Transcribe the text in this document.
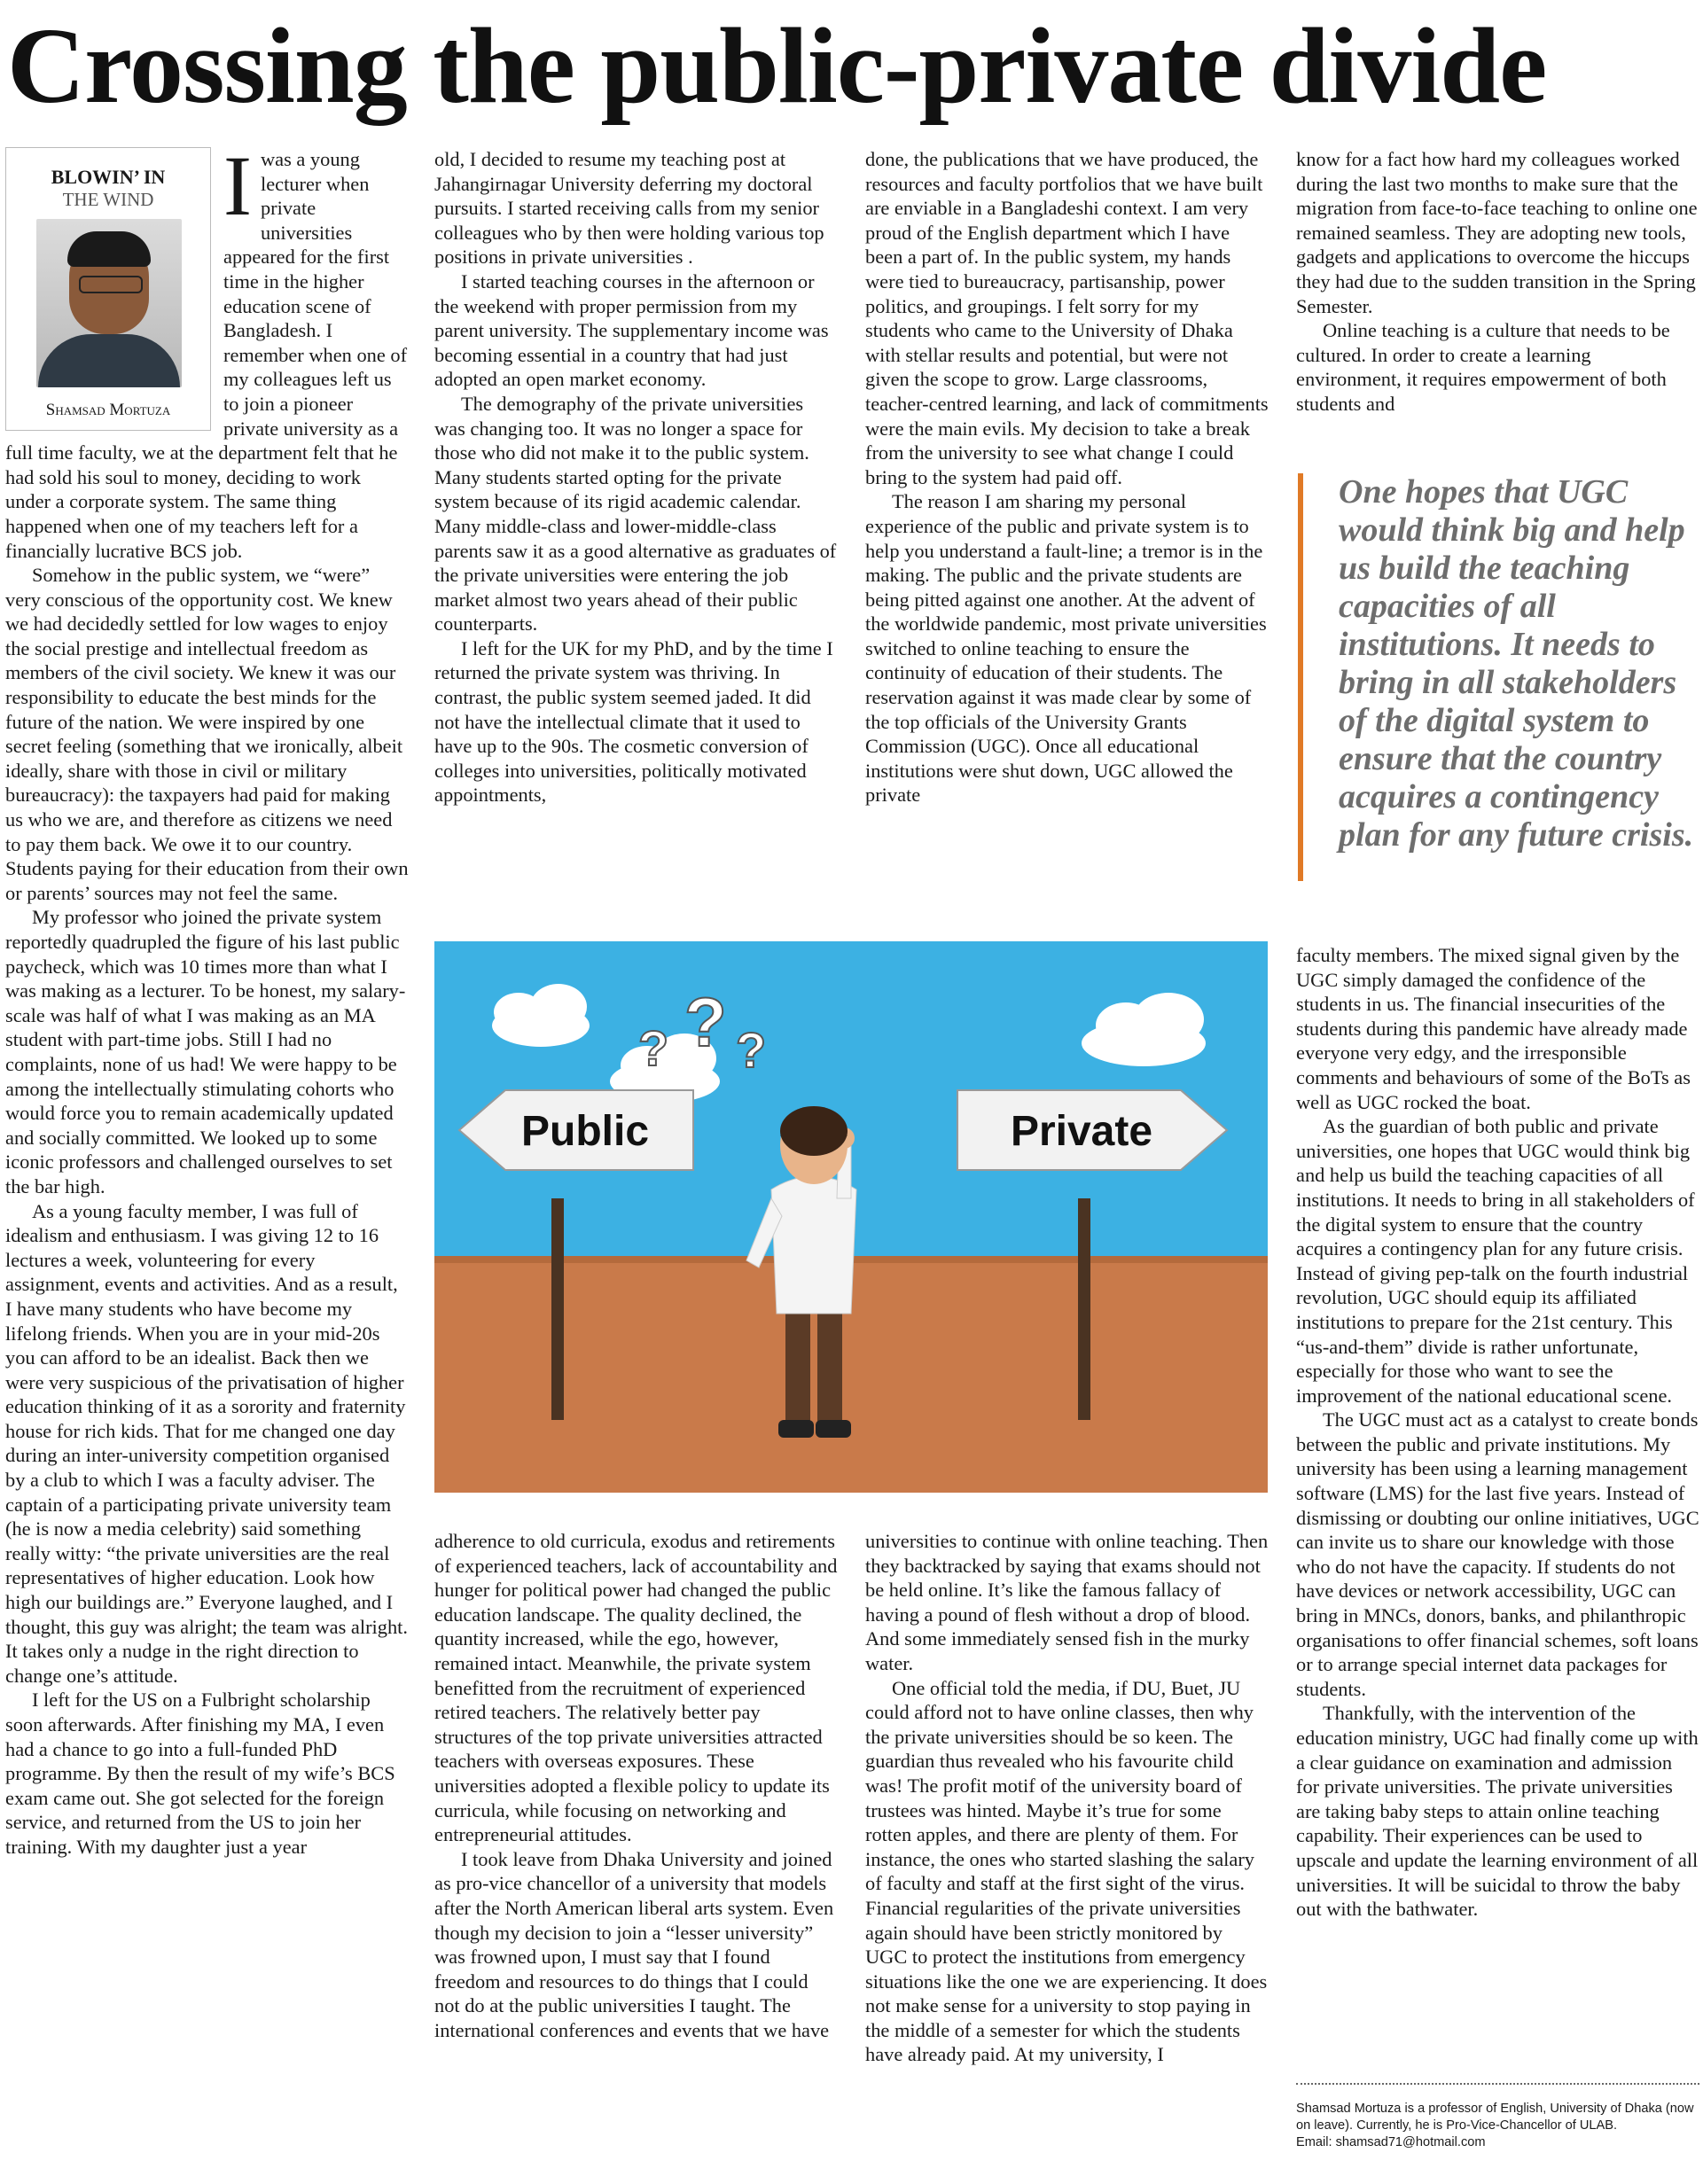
Crossing the public-private divide
BLOWIN’ IN
THE WIND
Shamsad Mortuza
I was a young lecturer when private universities appeared for the first time in the higher education scene of Bangladesh. I remember when one of my colleagues left us to join a pioneer private university as a full time faculty, we at the department felt that he had sold his soul to money, deciding to work under a corporate system. The same thing happened when one of my teachers left for a financially lucrative BCS job.

Somehow in the public system, we “were” very conscious of the opportunity cost. We knew we had decidedly settled for low wages to enjoy the social prestige and intellectual freedom as members of the civil society. We knew it was our responsibility to educate the best minds for the future of the nation. We were inspired by one secret feeling (something that we ironically, albeit ideally, share with those in civil or military bureaucracy): the taxpayers had paid for making us who we are, and therefore as citizens we need to pay them back. We owe it to our country. Students paying for their education from their own or parents’ sources may not feel the same.

My professor who joined the private system reportedly quadrupled the figure of his last public paycheck, which was 10 times more than what I was making as a lecturer. To be honest, my salary-scale was half of what I was making as an MA student with part-time jobs. Still I had no complaints, none of us had! We were happy to be among the intellectually stimulating cohorts who would force you to remain academically updated and socially committed. We looked up to some iconic professors and challenged ourselves to set the bar high.

As a young faculty member, I was full of idealism and enthusiasm. I was giving 12 to 16 lectures a week, volunteering for every assignment, events and activities. And as a result, I have many students who have become my lifelong friends. When you are in your mid-20s you can afford to be an idealist. Back then we were very suspicious of the privatisation of higher education thinking of it as a sorority and fraternity house for rich kids. That for me changed one day during an inter-university competition organised by a club to which I was a faculty adviser. The captain of a participating private university team (he is now a media celebrity) said something really witty: “the private universities are the real representatives of higher education. Look how high our buildings are.” Everyone laughed, and I thought, this guy was alright; the team was alright. It takes only a nudge in the right direction to change one’s attitude.

I left for the US on a Fulbright scholarship soon afterwards. After finishing my MA, I even had a chance to go into a full-funded PhD programme. By then the result of my wife’s BCS exam came out. She got selected for the foreign service, and returned from the US to join her training. With my daughter just a year

old, I decided to resume my teaching post at Jahangirnagar University deferring my doctoral pursuits. I started receiving calls from my senior colleagues who by then were holding various top positions in private universities .

I started teaching courses in the afternoon or the weekend with proper permission from my parent university. The supplementary income was becoming essential in a country that had just adopted an open market economy.

The demography of the private universities was changing too. It was no longer a space for those who did not make it to the public system. Many students started opting for the private system because of its rigid academic calendar. Many middle-class and lower-middle-class parents saw it as a good alternative as graduates of the private universities were entering the job market almost two years ahead of their public counterparts.

I left for the UK for my PhD, and by the time I returned the private system was thriving. In contrast, the public system seemed jaded. It did not have the intellectual climate that it used to have up to the 90s. The cosmetic conversion of colleges into universities, politically motivated appointments,

done, the publications that we have produced, the resources and faculty portfolios that we have built are enviable in a Bangladeshi context. I am very proud of the English department which I have been a part of. In the public system, my hands were tied to bureaucracy, partisanship, power politics, and groupings. I felt sorry for my students who came to the University of Dhaka with stellar results and potential, but were not given the scope to grow. Large classrooms, teacher-centred learning, and lack of commitments were the main evils. My decision to take a break from the university to see what change I could bring to the system had paid off.

The reason I am sharing my personal experience of the public and private system is to help you understand a fault-line; a tremor is in the making. The public and the private students are being pitted against one another. At the advent of the worldwide pandemic, most private universities switched to online teaching to ensure the continuity of education of their students. The reservation against it was made clear by some of the top officials of the University Grants Commission (UGC). Once all educational institutions were shut down, UGC allowed the private

know for a fact how hard my colleagues worked during the last two months to make sure that the migration from face-to-face teaching to online one remained seamless. They are adopting new tools, gadgets and applications to overcome the hiccups they had due to the sudden transition in the Spring Semester.

Online teaching is a culture that needs to be cultured. In order to create a learning environment, it requires empowerment of both students and

One hopes that UGC would think big and help us build the teaching capacities of all institutions. It needs to bring in all stakeholders of the digital system to ensure that the country acquires a contingency plan for any future crisis.
? ? ?
Public	Private

faculty members. The mixed signal given by the UGC simply damaged the confidence of the students in us. The financial insecurities of the students during this pandemic have already made everyone very edgy, and the irresponsible comments and behaviours of some of the BoTs as well as UGC rocked the boat.

As the guardian of both public and private universities, one hopes that UGC would think big and help us build the teaching capacities of all institutions. It needs to bring in all stakeholders of the digital system to ensure that the country acquires a contingency plan for any future crisis. Instead of giving pep-talk on the fourth industrial revolution, UGC should equip its affiliated institutions to prepare for the 21st century. This “us-and-them” divide is rather unfortunate, especially for those who want to see the improvement of the national educational scene.

The UGC must act as a catalyst to create bonds between the public and private institutions. My university has been using a learning management software (LMS) for the last five years. Instead of dismissing or doubting our online initiatives, UGC can invite us to share our knowledge with those who do not have the capacity. If students do not have devices or network accessibility, UGC can bring in MNCs, donors, banks, and philanthropic organisations to offer financial schemes, soft loans or to arrange special internet data packages for students.

Thankfully, with the intervention of the education ministry, UGC had finally come up with a clear guidance on examination and admission for private universities. The private universities are taking baby steps to attain online teaching capability. Their experiences can be used to upscale and update the learning environment of all universities. It will be suicidal to throw the baby out with the bathwater.

adherence to old curricula, exodus and retirements of experienced teachers, lack of accountability and hunger for political power had changed the public education landscape. The quality declined, the quantity increased, while the ego, however, remained intact. Meanwhile, the private system benefitted from the recruitment of experienced retired teachers. The relatively better pay structures of the top private universities attracted teachers with overseas exposures. These universities adopted a flexible policy to update its curricula, while focusing on networking and entrepreneurial attitudes.

I took leave from Dhaka University and joined as pro-vice chancellor of a university that models after the North American liberal arts system. Even though my decision to join a “lesser university” was frowned upon, I must say that I found freedom and resources to do things that I could not do at the public universities I taught. The international conferences and events that we have

universities to continue with online teaching. Then they backtracked by saying that exams should not be held online. It’s like the famous fallacy of having a pound of flesh without a drop of blood. And some immediately sensed fish in the murky water.

One official told the media, if DU, Buet, JU could afford not to have online classes, then why the private universities should be so keen. The guardian thus revealed who his favourite child was! The profit motif of the university board of trustees was hinted. Maybe it’s true for some rotten apples, and there are plenty of them. For instance, the ones who started slashing the salary of faculty and staff at the first sight of the virus. Financial regularities of the private universities again should have been strictly monitored by UGC to protect the institutions from emergency situations like the one we are experiencing. It does not make sense for a university to stop paying in the middle of a semester for which the students have already paid. At my university, I

Shamsad Mortuza is a professor of English, University of Dhaka (now on leave). Currently, he is Pro-Vice-Chancellor of ULAB.
Email: shamsad71@hotmail.com
